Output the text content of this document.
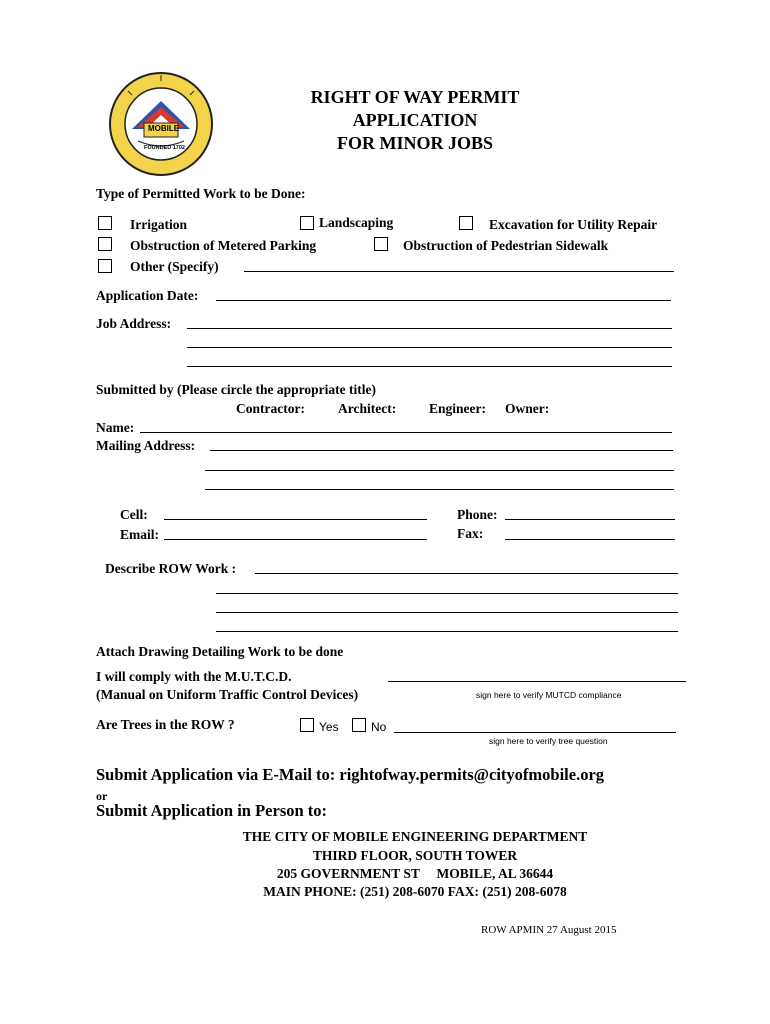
MOBILE
FOUNDED 1702
RIGHT OF WAY PERMIT
APPLICATION
FOR MINOR JOBS
Type of Permitted Work to be Done:
Irrigation	Landscaping	Excavation for Utility Repair
Obstruction of Metered Parking	Obstruction of Pedestrian Sidewalk
Other (Specify)
Application Date:
Job Address:
Submitted by (Please circle the appropriate title)
Contractor: Architect: Engineer: Owner:
Name:
Mailing Address:
Cell:	Phone:
Email:	Fax:
Describe ROW Work :
Attach Drawing Detailing Work to be done
I will comply with the M.U.T.C.D.
(Manual on Uniform Traffic Control Devices)	sign here to verify MUTCD compliance
Are Trees in the ROW ?	Yes	No
sign here to verify tree question
Submit Application via E-Mail to: rightofway.permits@cityofmobile.org
or
Submit Application in Person to:
THE CITY OF MOBILE ENGINEERING DEPARTMENT
THIRD FLOOR, SOUTH TOWER
205 GOVERNMENT ST     MOBILE, AL 36644
MAIN PHONE: (251) 208-6070 FAX: (251) 208-6078
ROW APMIN 27 August 2015
